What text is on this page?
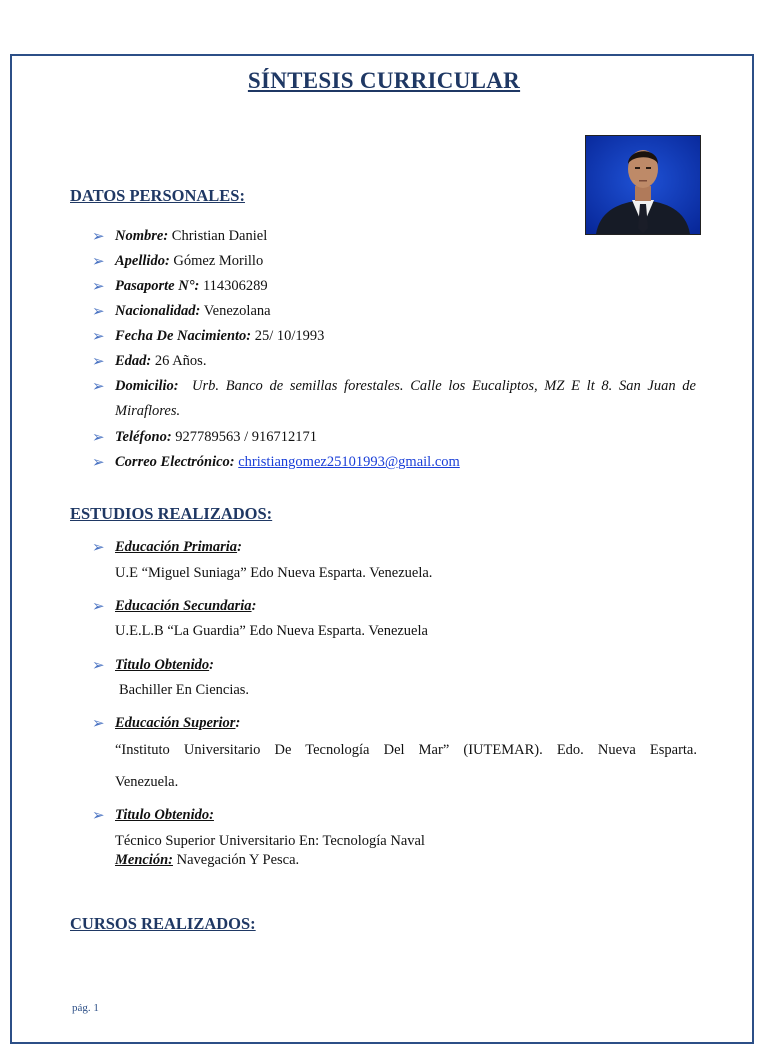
SÍNTESIS CURRICULAR
DATOS PERSONALES:
➢ Nombre: Christian Daniel
➢ Apellido: Gómez Morillo
➢ Pasaporte N°: 114306289
➢ Nacionalidad: Venezolana
➢ Fecha De Nacimiento: 25/ 10/1993
➢ Edad: 26 Años.
➢ Domicilio: Urb. Banco de semillas forestales. Calle los Eucaliptos, MZ E lt 8. San Juan de
Miraflores.
➢ Teléfono: 927789563 / 916712171
➢ Correo Electrónico: christiangomez25101993@gmail.com
ESTUDIOS REALIZADOS:
➢ Educación Primaria:
➢ Educación Secundaria:
➢ Titulo Obtenido:
➢ Educación Superior:
➢ Titulo Obtenido:
U.E “Miguel Suniaga” Edo Nueva Esparta. Venezuela.
U.E.L.B “La Guardia” Edo Nueva Esparta. Venezuela
Bachiller En Ciencias.
“Instituto Universitario De Tecnología Del Mar” (IUTEMAR). Edo. Nueva Esparta.
Venezuela.
Técnico Superior Universitario En: Tecnología Naval
Mención: Navegación Y Pesca.
CURSOS REALIZADOS:
pág. 1
